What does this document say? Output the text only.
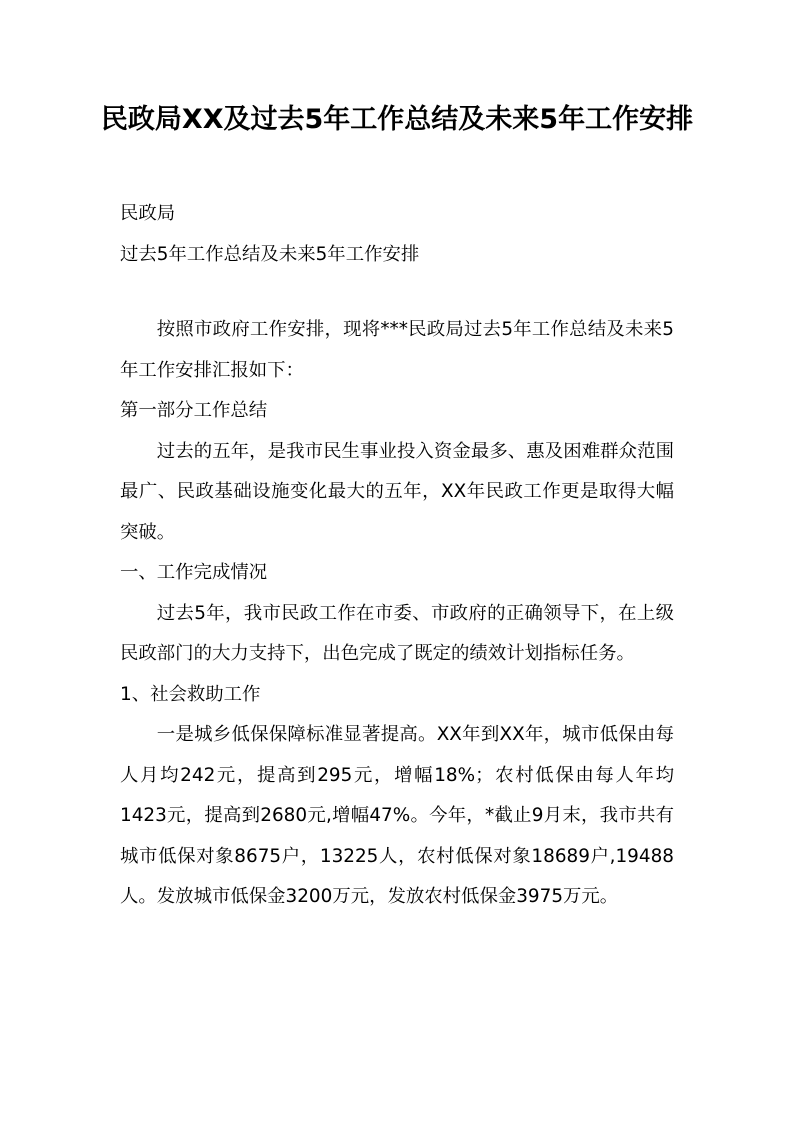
民政局XX及过去5年工作总结及未来5年工作安排

民政局

过去5年工作总结及未来5年工作安排

按照市政府工作安排，现将***民政局过去5年工作总结及未来5年工作安排汇报如下：

第一部分工作总结

过去的五年，是我市民生事业投入资金最多、惠及困难群众范围最广、民政基础设施变化最大的五年，XX年民政工作更是取得大幅突破。

一、工作完成情况

过去5年，我市民政工作在市委、市政府的正确领导下，在上级民政部门的大力支持下，出色完成了既定的绩效计划指标任务。

1、社会救助工作

一是城乡低保保障标准显著提高。XX年到XX年，城市低保由每人月均242元，提高到295元，增幅18%；农村低保由每人年均1423元，提高到2680元,增幅47%。今年，*截止9月末，我市共有城市低保对象8675户，13225人，农村低保对象18689户,19488人。发放城市低保金3200万元，发放农村低保金3975万元。
